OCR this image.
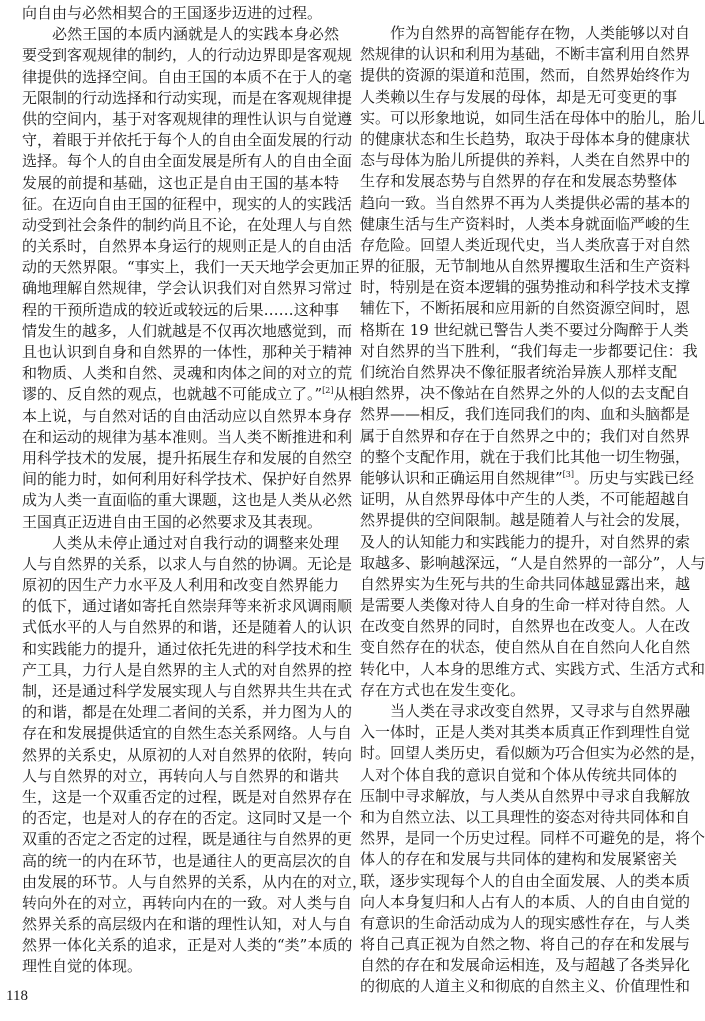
向自由与必然相契合的王国逐步迈进的过程。
必然王国的本质内涵就是人的实践本身必然
要受到客观规律的制约，人的行动边界即是客观规
律提供的选择空间。自由王国的本质不在于人的毫
无限制的行动选择和行动实现，而是在客观规律提
供的空间内，基于对客观规律的理性认识与自觉遵
守，着眼于并依托于每个人的自由全面发展的行动
选择。每个人的自由全面发展是所有人的自由全面
发展的前提和基础，这也正是自由王国的基本特
征。在迈向自由王国的征程中，现实的人的实践活
动受到社会条件的制约尚且不论，在处理人与自然
的关系时，自然界本身运行的规则正是人的自由活
动的天然界限。“事实上，我们一天天地学会更加正
确地理解自然规律，学会认识我们对自然界习常过
程的干预所造成的较近或较远的后果……这种事
情发生的越多，人们就越是不仅再次地感觉到，而
且也认识到自身和自然界的一体性，那种关于精神
和物质、人类和自然、灵魂和肉体之间的对立的荒
谬的、反自然的观点，也就越不可能成立了。”[2]从根
本上说，与自然对话的自由活动应以自然界本身存
在和运动的规律为基本准则。当人类不断推进和利
用科学技术的发展，提升拓展生存和发展的自然空
间的能力时，如何利用好科学技术、保护好自然界
成为人类一直面临的重大课题，这也是人类从必然
王国真正迈进自由王国的必然要求及其表现。
人类从未停止通过对自我行动的调整来处理
人与自然界的关系，以求人与自然的协调。无论是
原初的因生产力水平及人利用和改变自然界能力
的低下，通过诸如寄托自然崇拜等来祈求风调雨顺
式低水平的人与自然界的和谐，还是随着人的认识
和实践能力的提升，通过依托先进的科学技术和生
产工具，力行人是自然界的主人式的对自然界的控
制，还是通过科学发展实现人与自然界共生共在式
的和谐，都是在处理二者间的关系，并力图为人的
存在和发展提供适宜的自然生态关系网络。人与自
然界的关系史，从原初的人对自然界的依附，转向
人与自然界的对立，再转向人与自然界的和谐共
生，这是一个双重否定的过程，既是对自然界存在
的否定，也是对人的存在的否定。这同时又是一个
双重的否定之否定的过程，既是通往与自然界的更
高的统一的内在环节，也是通往人的更高层次的自
由发展的环节。人与自然界的关系，从内在的对立，
转向外在的对立，再转向内在的一致。对人类与自
然界关系的高层级内在和谐的理性认知，对人与自
然界一体化关系的追求，正是对人类的“类”本质的
理性自觉的体现。
作为自然界的高智能存在物，人类能够以对自
然规律的认识和利用为基础，不断丰富利用自然界
提供的资源的渠道和范围，然而，自然界始终作为
人类赖以生存与发展的母体，却是无可变更的事
实。可以形象地说，如同生活在母体中的胎儿，胎儿
的健康状态和生长趋势，取决于母体本身的健康状
态与母体为胎儿所提供的养料，人类在自然界中的
生存和发展态势与自然界的存在和发展态势整体
趋向一致。当自然界不再为人类提供必需的基本的
健康生活与生产资料时，人类本身就面临严峻的生
存危险。回望人类近现代史，当人类欣喜于对自然
界的征服，无节制地从自然界攫取生活和生产资料
时，特别是在资本逻辑的强势推动和科学技术支撑
辅佐下，不断拓展和应用新的自然资源空间时，恩
格斯在 19 世纪就已警告人类不要过分陶醉于人类
对自然界的当下胜利，“我们每走一步都要记住：我
们统治自然界决不像征服者统治异族人那样支配
自然界，决不像站在自然界之外的人似的去支配自
然界——相反，我们连同我们的肉、血和头脑都是
属于自然界和存在于自然界之中的；我们对自然界
的整个支配作用，就在于我们比其他一切生物强，
能够认识和正确运用自然规律”[3]。历史与实践已经
证明，从自然界母体中产生的人类，不可能超越自
然界提供的空间限制。越是随着人与社会的发展，
及人的认知能力和实践能力的提升，对自然界的索
取越多、影响越深远，“人是自然界的一部分”，人与
自然界实为生死与共的生命共同体越显露出来，越
是需要人类像对待人自身的生命一样对待自然。人
在改变自然界的同时，自然界也在改变人。人在改
变自然存在的状态，使自然从自在自然向人化自然
转化中，人本身的思维方式、实践方式、生活方式和
存在方式也在发生变化。
当人类在寻求改变自然界，又寻求与自然界融
入一体时，正是人类对其类本质真正作到理性自觉
时。回望人类历史，看似颇为巧合但实为必然的是，
人对个体自我的意识自觉和个体从传统共同体的
压制中寻求解放，与人类从自然界中寻求自我解放
和为自然立法、以工具理性的姿态对待共同体和自
然界，是同一个历史过程。同样不可避免的是，将个
体人的存在和发展与共同体的建构和发展紧密关
联，逐步实现每个人的自由全面发展、人的类本质
向人本身复归和人占有人的本质、人的自由自觉的
有意识的生命活动成为人的现实感性存在，与人类
将自己真正视为自然之物、将自己的存在和发展与
自然的存在和发展命运相连，及与超越了各类异化
的彻底的人道主义和彻底的自然主义、价值理性和
118
